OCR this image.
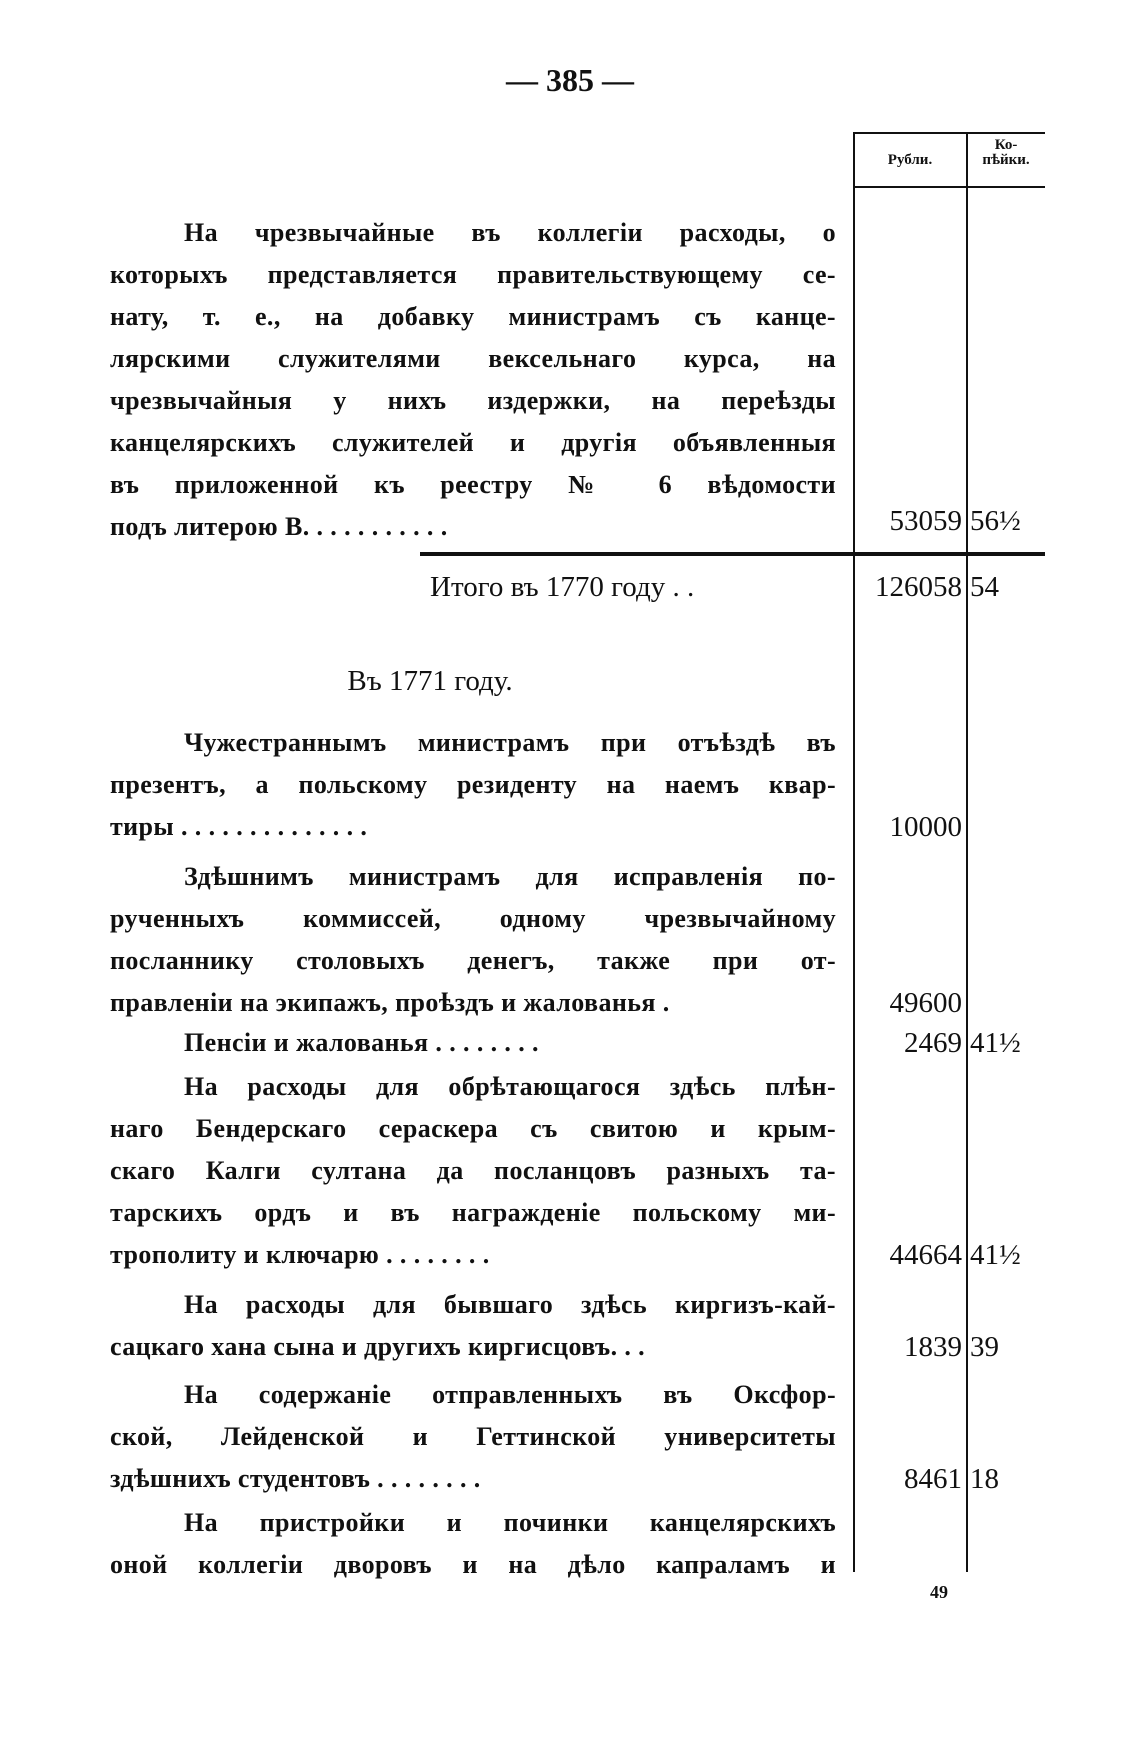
— 385 —
Рубли.
Ко-
пѣйки.
На чрезвычайные въ коллегіи расходы, о
которыхъ представляется правительствующему се-
нату, т. е., на добавку министрамъ съ канце-
лярскими служителями вексельнаго курса, на
чрезвычайныя у нихъ издержки, на переѣзды
канцелярскихъ служителей и другія объявленныя
въ приложенной къ реестру № 6 вѣдомости
подъ литерою В. . . . . . . . . . .	53059 56½
Итого въ 1770 году . .	126058 54
Въ 1771 году.
Чужестраннымъ министрамъ при отъѣздѣ въ
презентъ, а польскому резиденту на наемъ квар-
тиры . . . . . . . . . . . . . .	10000
Здѣшнимъ министрамъ для исправленія по-
рученныхъ коммиссей, одному чрезвычайному
посланнику столовыхъ денегъ, также при от-
правленіи на экипажъ, проѣздъ и жалованья .	49600
Пенсіи и жалованья . . . . . . . .	2469 41½
На расходы для обрѣтающагося здѣсь плѣн-
наго Бендерскаго сераскера съ свитою и крым-
скаго Калги султана да посланцовъ разныхъ та-
тарскихъ ордъ и въ награжденіе польскому ми-
трополиту и ключарю . . . . . . . .	44664 41½
На расходы для бывшаго здѣсь киргизъ-кай-
сацкаго хана сына и другихъ киргисцовъ. . .	1839 39
На содержаніе отправленныхъ въ Оксфор-
ской, Лейденской и Геттинской университеты
здѣшнихъ студентовъ . . . . . . . .	8461 18
На пристройки и починки канцелярскихъ
оной коллегіи дворовъ и на дѣло капраламъ и
49
